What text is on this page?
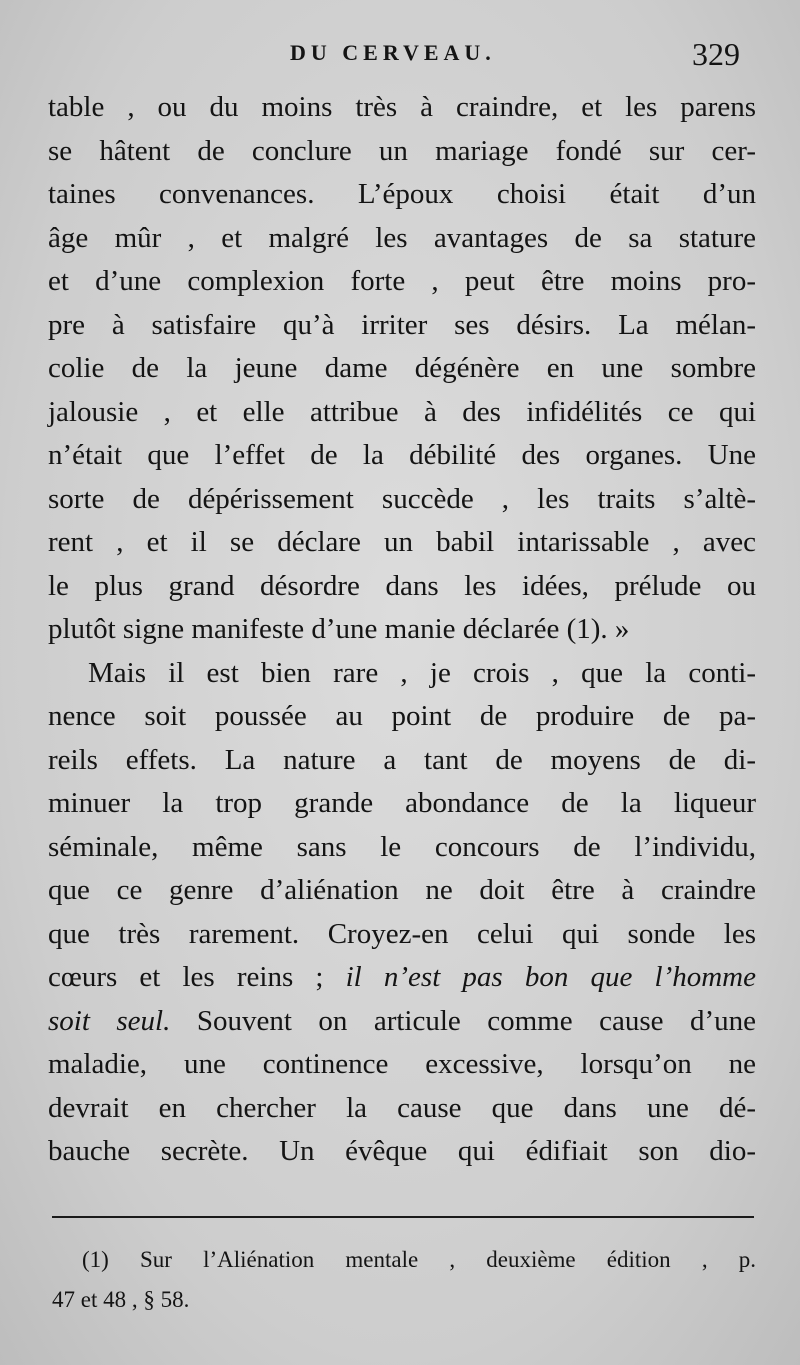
DU CERVEAU.	329
table , ou du moins très à craindre, et les parens
se hâtent de conclure un mariage fondé sur cer-
taines convenances. L’époux choisi était d’un
âge mûr , et malgré les avantages de sa stature
et d’une complexion forte , peut être moins pro-
pre à satisfaire qu’à irriter ses désirs. La mélan-
colie de la jeune dame dégénère en une sombre
jalousie , et elle attribue à des infidélités ce qui
n’était que l’effet de la débilité des organes. Une
sorte de dépérissement succède , les traits s’altè-
rent , et il se déclare un babil intarissable , avec
le plus grand désordre dans les idées, prélude ou
plutôt signe manifeste d’une manie déclarée (1). »
Mais il est bien rare , je crois , que la conti-
nence soit poussée au point de produire de pa-
reils effets. La nature a tant de moyens de di-
minuer la trop grande abondance de la liqueur
séminale, même sans le concours de l’individu,
que ce genre d’aliénation ne doit être à craindre
que très rarement. Croyez-en celui qui sonde les
cœurs et les reins ; il n’est pas bon que l’homme
soit seul. Souvent on articule comme cause d’une
maladie, une continence excessive, lorsqu’on ne
devrait en chercher la cause que dans une dé-
bauche secrète. Un évêque qui édifiait son dio-
(1) Sur l’Aliénation mentale , deuxième édition , p.
47 et 48 , § 58.
